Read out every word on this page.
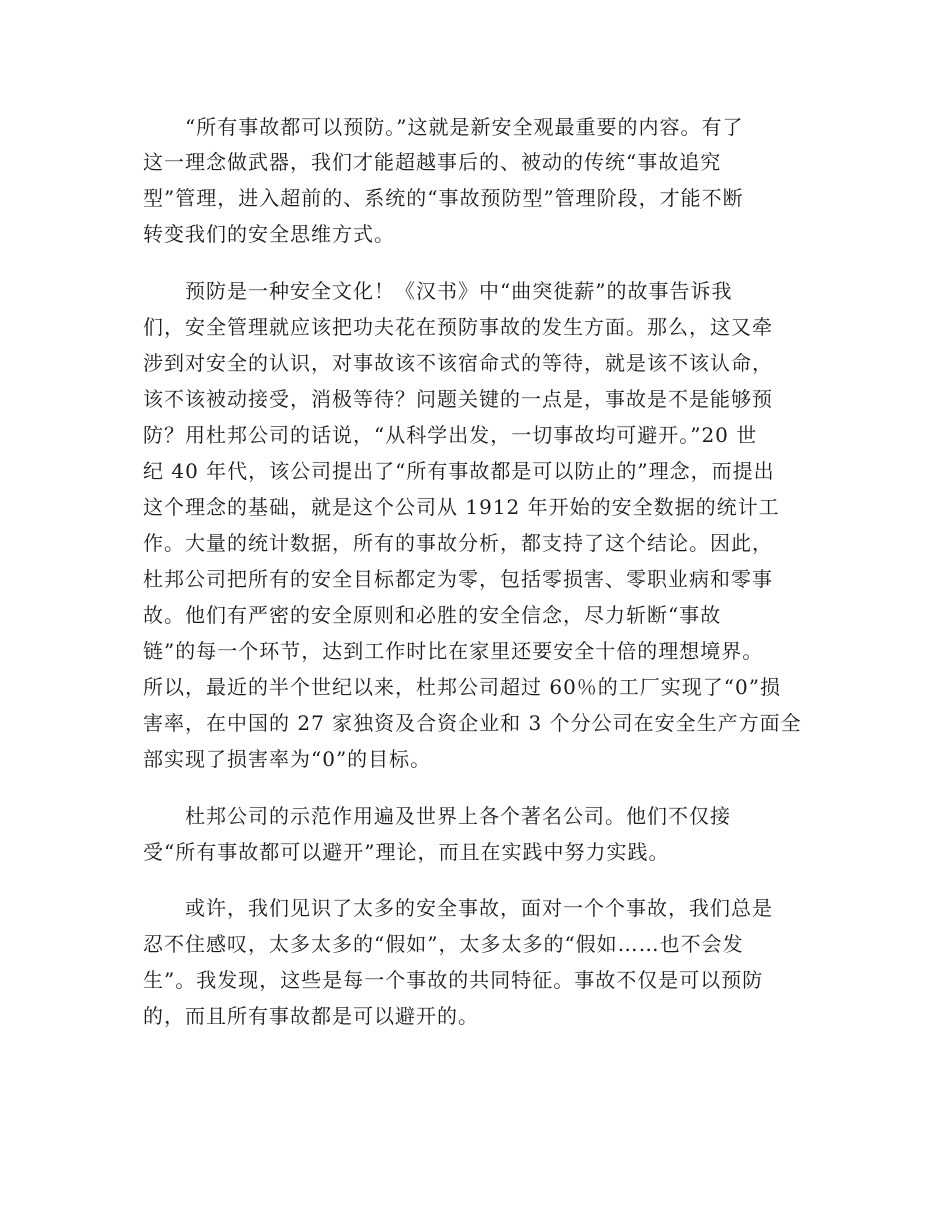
“所有事故都可以预防。”这就是新安全观最重要的内容。有了
这一理念做武器，我们才能超越事后的、被动的传统“事故追究
型”管理，进入超前的、系统的“事故预防型”管理阶段，才能不断
转变我们的安全思维方式。
预防是一种安全文化！《汉书》中“曲突徙薪”的故事告诉我
们，安全管理就应该把功夫花在预防事故的发生方面。那么，这又牵
涉到对安全的认识，对事故该不该宿命式的等待，就是该不该认命，
该不该被动接受，消极等待？问题关键的一点是，事故是不是能够预
防？用杜邦公司的话说，“从科学出发，一切事故均可避开。”20 世
纪 40 年代，该公司提出了“所有事故都是可以防止的”理念，而提出
这个理念的基础，就是这个公司从 1912 年开始的安全数据的统计工
作。大量的统计数据，所有的事故分析，都支持了这个结论。因此，
杜邦公司把所有的安全目标都定为零，包括零损害、零职业病和零事
故。他们有严密的安全原则和必胜的安全信念，尽力斩断“事故
链”的每一个环节，达到工作时比在家里还要安全十倍的理想境界。
所以，最近的半个世纪以来，杜邦公司超过 60％的工厂实现了“0”损
害率，在中国的 27 家独资及合资企业和 3 个分公司在安全生产方面全
部实现了损害率为“0”的目标。
杜邦公司的示范作用遍及世界上各个著名公司。他们不仅接
受“所有事故都可以避开”理论，而且在实践中努力实践。
或许，我们见识了太多的安全事故，面对一个个事故，我们总是
忍不住感叹，太多太多的“假如”，太多太多的“假如……也不会发
生”。我发现，这些是每一个事故的共同特征。事故不仅是可以预防
的，而且所有事故都是可以避开的。
